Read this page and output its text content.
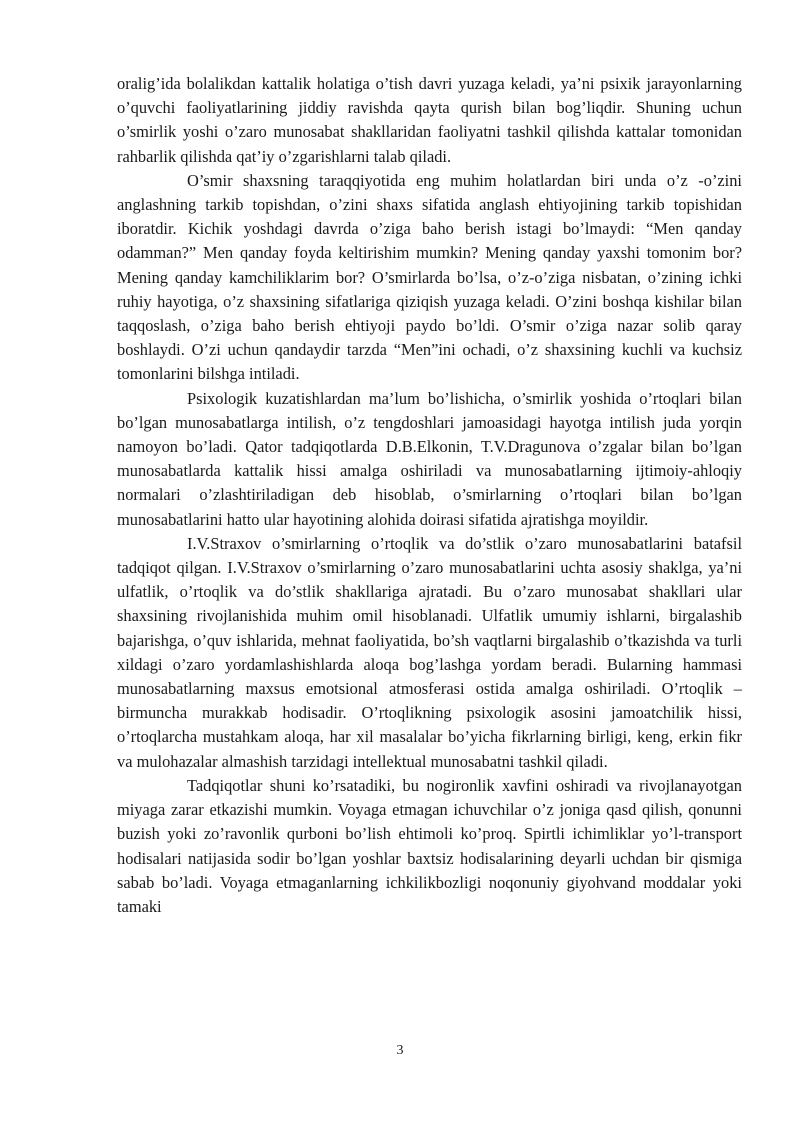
oralig’ida bolalikdan kattalik holatiga o’tish davri yuzaga keladi, ya’ni psixik jarayonlarning o’quvchi faoliyatlarining jiddiy ravishda qayta qurish bilan bog’liqdir. Shuning uchun o’smirlik yoshi o’zaro munosabat shakllaridan faoliyatni tashkil qilishda kattalar tomonidan rahbarlik qilishda qat’iy o’zgarishlarni talab qiladi.

O’smir shaxsning taraqqiyotida eng muhim holatlardan biri unda o’z -o’zini anglashning tarkib topishdan, o’zini shaxs sifatida anglash ehtiyojining tarkib topishidan iboratdir. Kichik yoshdagi davrda o’ziga baho berish istagi bo’lmaydi: “Men qanday odamman?” Men qanday foyda keltirishim mumkin? Mening qanday yaxshi tomonim bor? Mening qanday kamchiliklarim bor? O’smirlarda bo’lsa, o’z-o’ziga nisbatan, o’zining ichki ruhiy hayotiga, o’z shaxsining sifatlariga qiziqish yuzaga keladi. O’zini boshqa kishilar bilan taqqoslash, o’ziga baho berish ehtiyoji paydo bo’ldi. O’smir o’ziga nazar solib qaray boshlaydi. O’zi uchun qandaydir tarzda “Men”ini ochadi, o’z shaxsining kuchli va kuchsiz tomonlarini bilshga intiladi.

Psixologik kuzatishlardan ma’lum bo’lishicha, o’smirlik yoshida o’rtoqlari bilan bo’lgan munosabatlarga intilish, o’z tengdoshlari jamoasidagi hayotga intilish juda yorqin namoyon bo’ladi. Qator tadqiqotlarda D.B.Elkonin, T.V.Dragunova o’zgalar bilan bo’lgan munosabatlarda kattalik hissi amalga oshiriladi va munosabatlarning ijtimoiy-ahloqiy normalari o’zlashtiriladigan deb hisoblab, o’smirlarning o’rtoqlari bilan bo’lgan munosabatlarini hatto ular hayotining alohida doirasi sifatida ajratishga moyildir.

I.V.Straxov o’smirlarning o’rtoqlik va do’stlik o’zaro munosabatlarini batafsil tadqiqot qilgan. I.V.Straxov o’smirlarning o’zaro munosabatlarini uchta asosiy shaklga, ya’ni ulfatlik, o’rtoqlik va do’stlik shakllariga ajratadi. Bu o’zaro munosabat shakllari ular shaxsining rivojlanishida muhim omil hisoblanadi. Ulfatlik umumiy ishlarni, birgalashib bajarishga, o’quv ishlarida, mehnat faoliyatida, bo’sh vaqtlarni birgalashib o’tkazishda va turli xildagi o’zaro yordamlashishlarda aloqa bog’lashga yordam beradi. Bularning hammasi munosabatlarning maxsus emotsional atmosferasi ostida amalga oshiriladi. O’rtoqlik – birmuncha murakkab hodisadir. O’rtoqlikning psixologik asosini jamoatchilik hissi, o’rtoqlarcha mustahkam aloqa, har xil masalalar bo’yicha fikrlarning birligi, keng, erkin fikr va mulohazalar almashish tarzidagi intellektual munosabatni tashkil qiladi.

Tadqiqotlar shuni ko’rsatadiki, bu nogironlik xavfini oshiradi va rivojlanayotgan miyaga zarar etkazishi mumkin. Voyaga etmagan ichuvchilar o’z joniga qasd qilish, qonunni buzish yoki zo’ravonlik qurboni bo’lish ehtimoli ko’proq. Spirtli ichimliklar yo’l-transport hodisalari natijasida sodir bo’lgan yoshlar baxtsiz hodisalarining deyarli uchdan bir qismiga sabab bo’ladi. Voyaga etmaganlarning ichkilikbozligi noqonuniy giyohvand moddalar yoki tamaki

3
